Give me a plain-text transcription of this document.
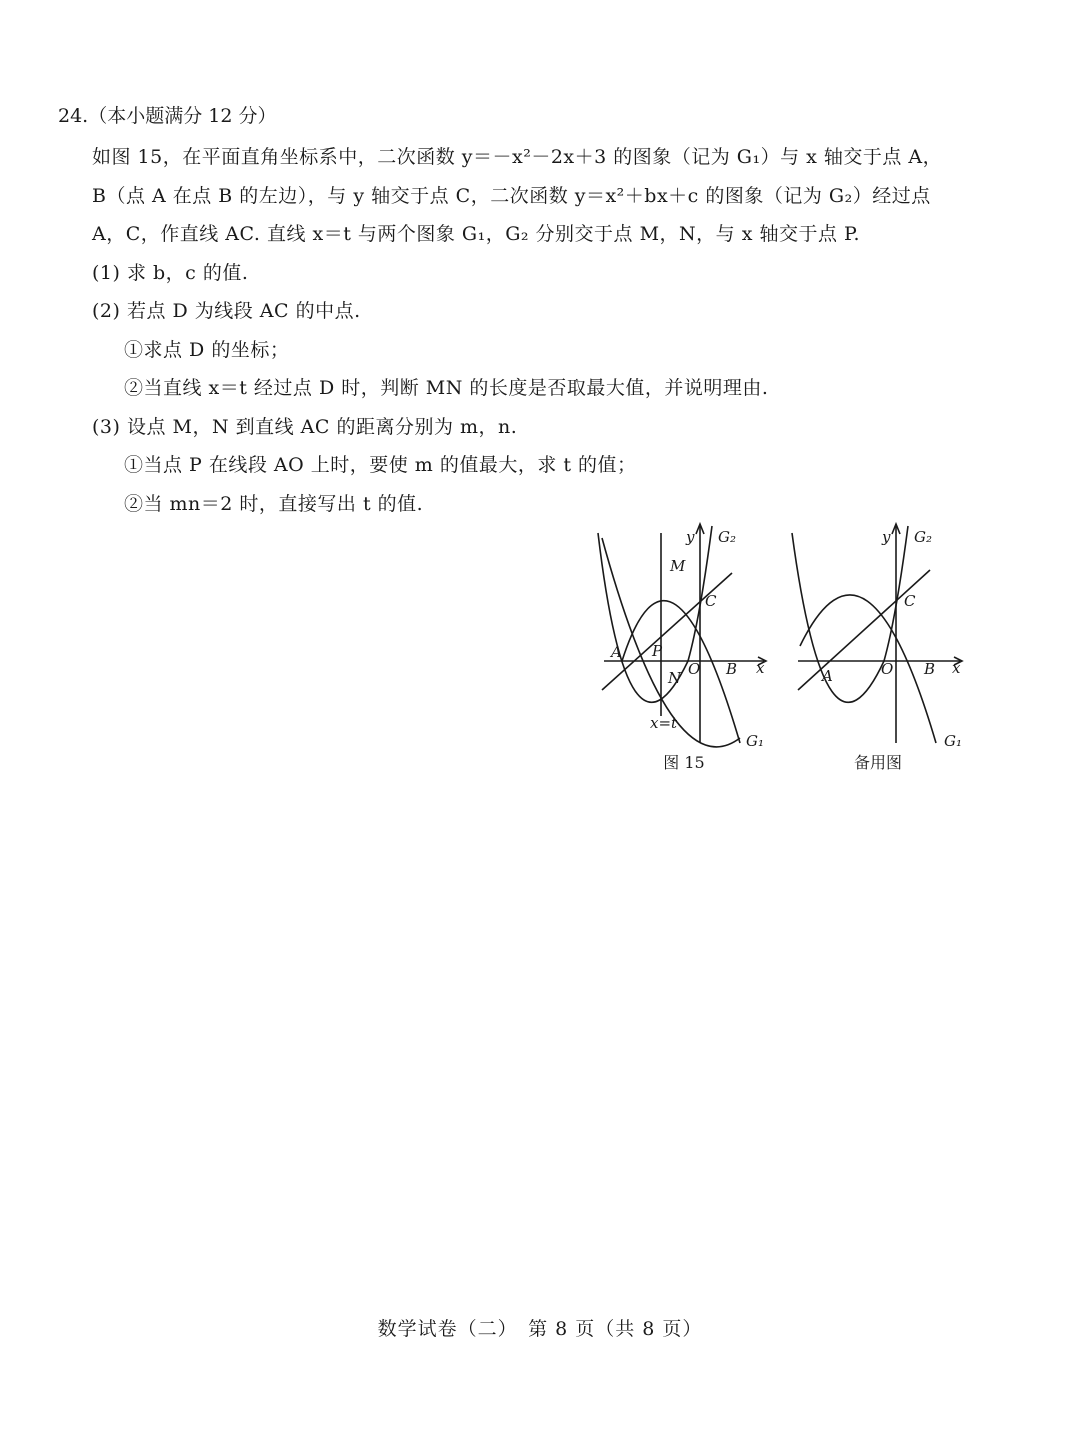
24.（本小题满分 12 分）

如图 15，在平面直角坐标系中，二次函数 y＝－x²－2x＋3 的图象（记为 G₁）与 x 轴交于点 A，

B（点 A 在点 B 的左边），与 y 轴交于点 C，二次函数 y＝x²＋bx＋c 的图象（记为 G₂）经过点

A，C，作直线 AC. 直线 x＝t 与两个图象 G₁，G₂ 分别交于点 M，N，与 x 轴交于点 P.

(1) 求 b，c 的值.

(2) 若点 D 为线段 AC 的中点.

①求点 D 的坐标；

②当直线 x＝t 经过点 D 时，判断 MN 的长度是否取最大值，并说明理由.

(3) 设点 M，N 到直线 AC 的距离分别为 m，n.

①当点 P 在线段 AO 上时，要使 m 的值最大，求 t 的值；

②当 mn＝2 时，直接写出 t 的值.

y G₂
M
C
A P
O B x
N
x=t
G₁
图 15
y G₂
C
A	O B x
G₁
备用图
数学试卷（二）　第 8 页（共 8 页）
